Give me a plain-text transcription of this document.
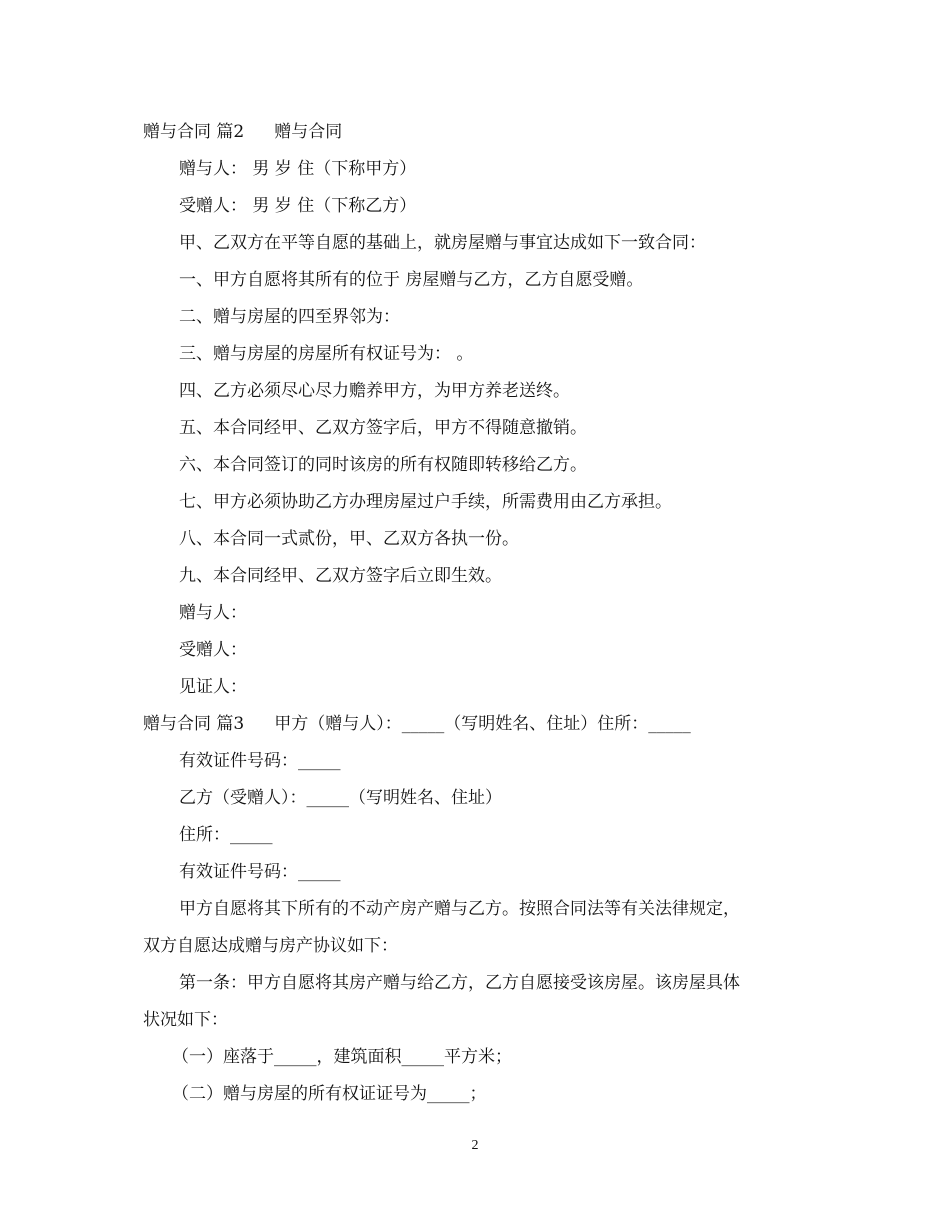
赠与合同 篇2 赠与合同
赠与人： 男 岁 住（下称甲方）
受赠人： 男 岁 住（下称乙方）
甲、乙双方在平等自愿的基础上，就房屋赠与事宜达成如下一致合同：
一、甲方自愿将其所有的位于 房屋赠与乙方，乙方自愿受赠。
二、赠与房屋的四至界邻为：
三、赠与房屋的房屋所有权证号为： 。
四、乙方必须尽心尽力赡养甲方，为甲方养老送终。
五、本合同经甲、乙双方签字后，甲方不得随意撤销。
六、本合同签订的同时该房的所有权随即转移给乙方。
七、甲方必须协助乙方办理房屋过户手续，所需费用由乙方承担。
八、本合同一式贰份，甲、乙双方各执一份。
九、本合同经甲、乙双方签字后立即生效。
赠与人：
受赠人：
见证人：
赠与合同 篇3 甲方（赠与人）：_____（写明姓名、住址）住所：_____
有效证件号码：_____
乙方（受赠人）：_____（写明姓名、住址）
住所：_____
有效证件号码：_____
甲方自愿将其下所有的不动产房产赠与乙方。按照合同法等有关法律规定，
双方自愿达成赠与房产协议如下：
第一条：甲方自愿将其房产赠与给乙方，乙方自愿接受该房屋。该房屋具体
状况如下：
（一）座落于_____，建筑面积_____平方米；
（二）赠与房屋的所有权证证号为_____；
2
